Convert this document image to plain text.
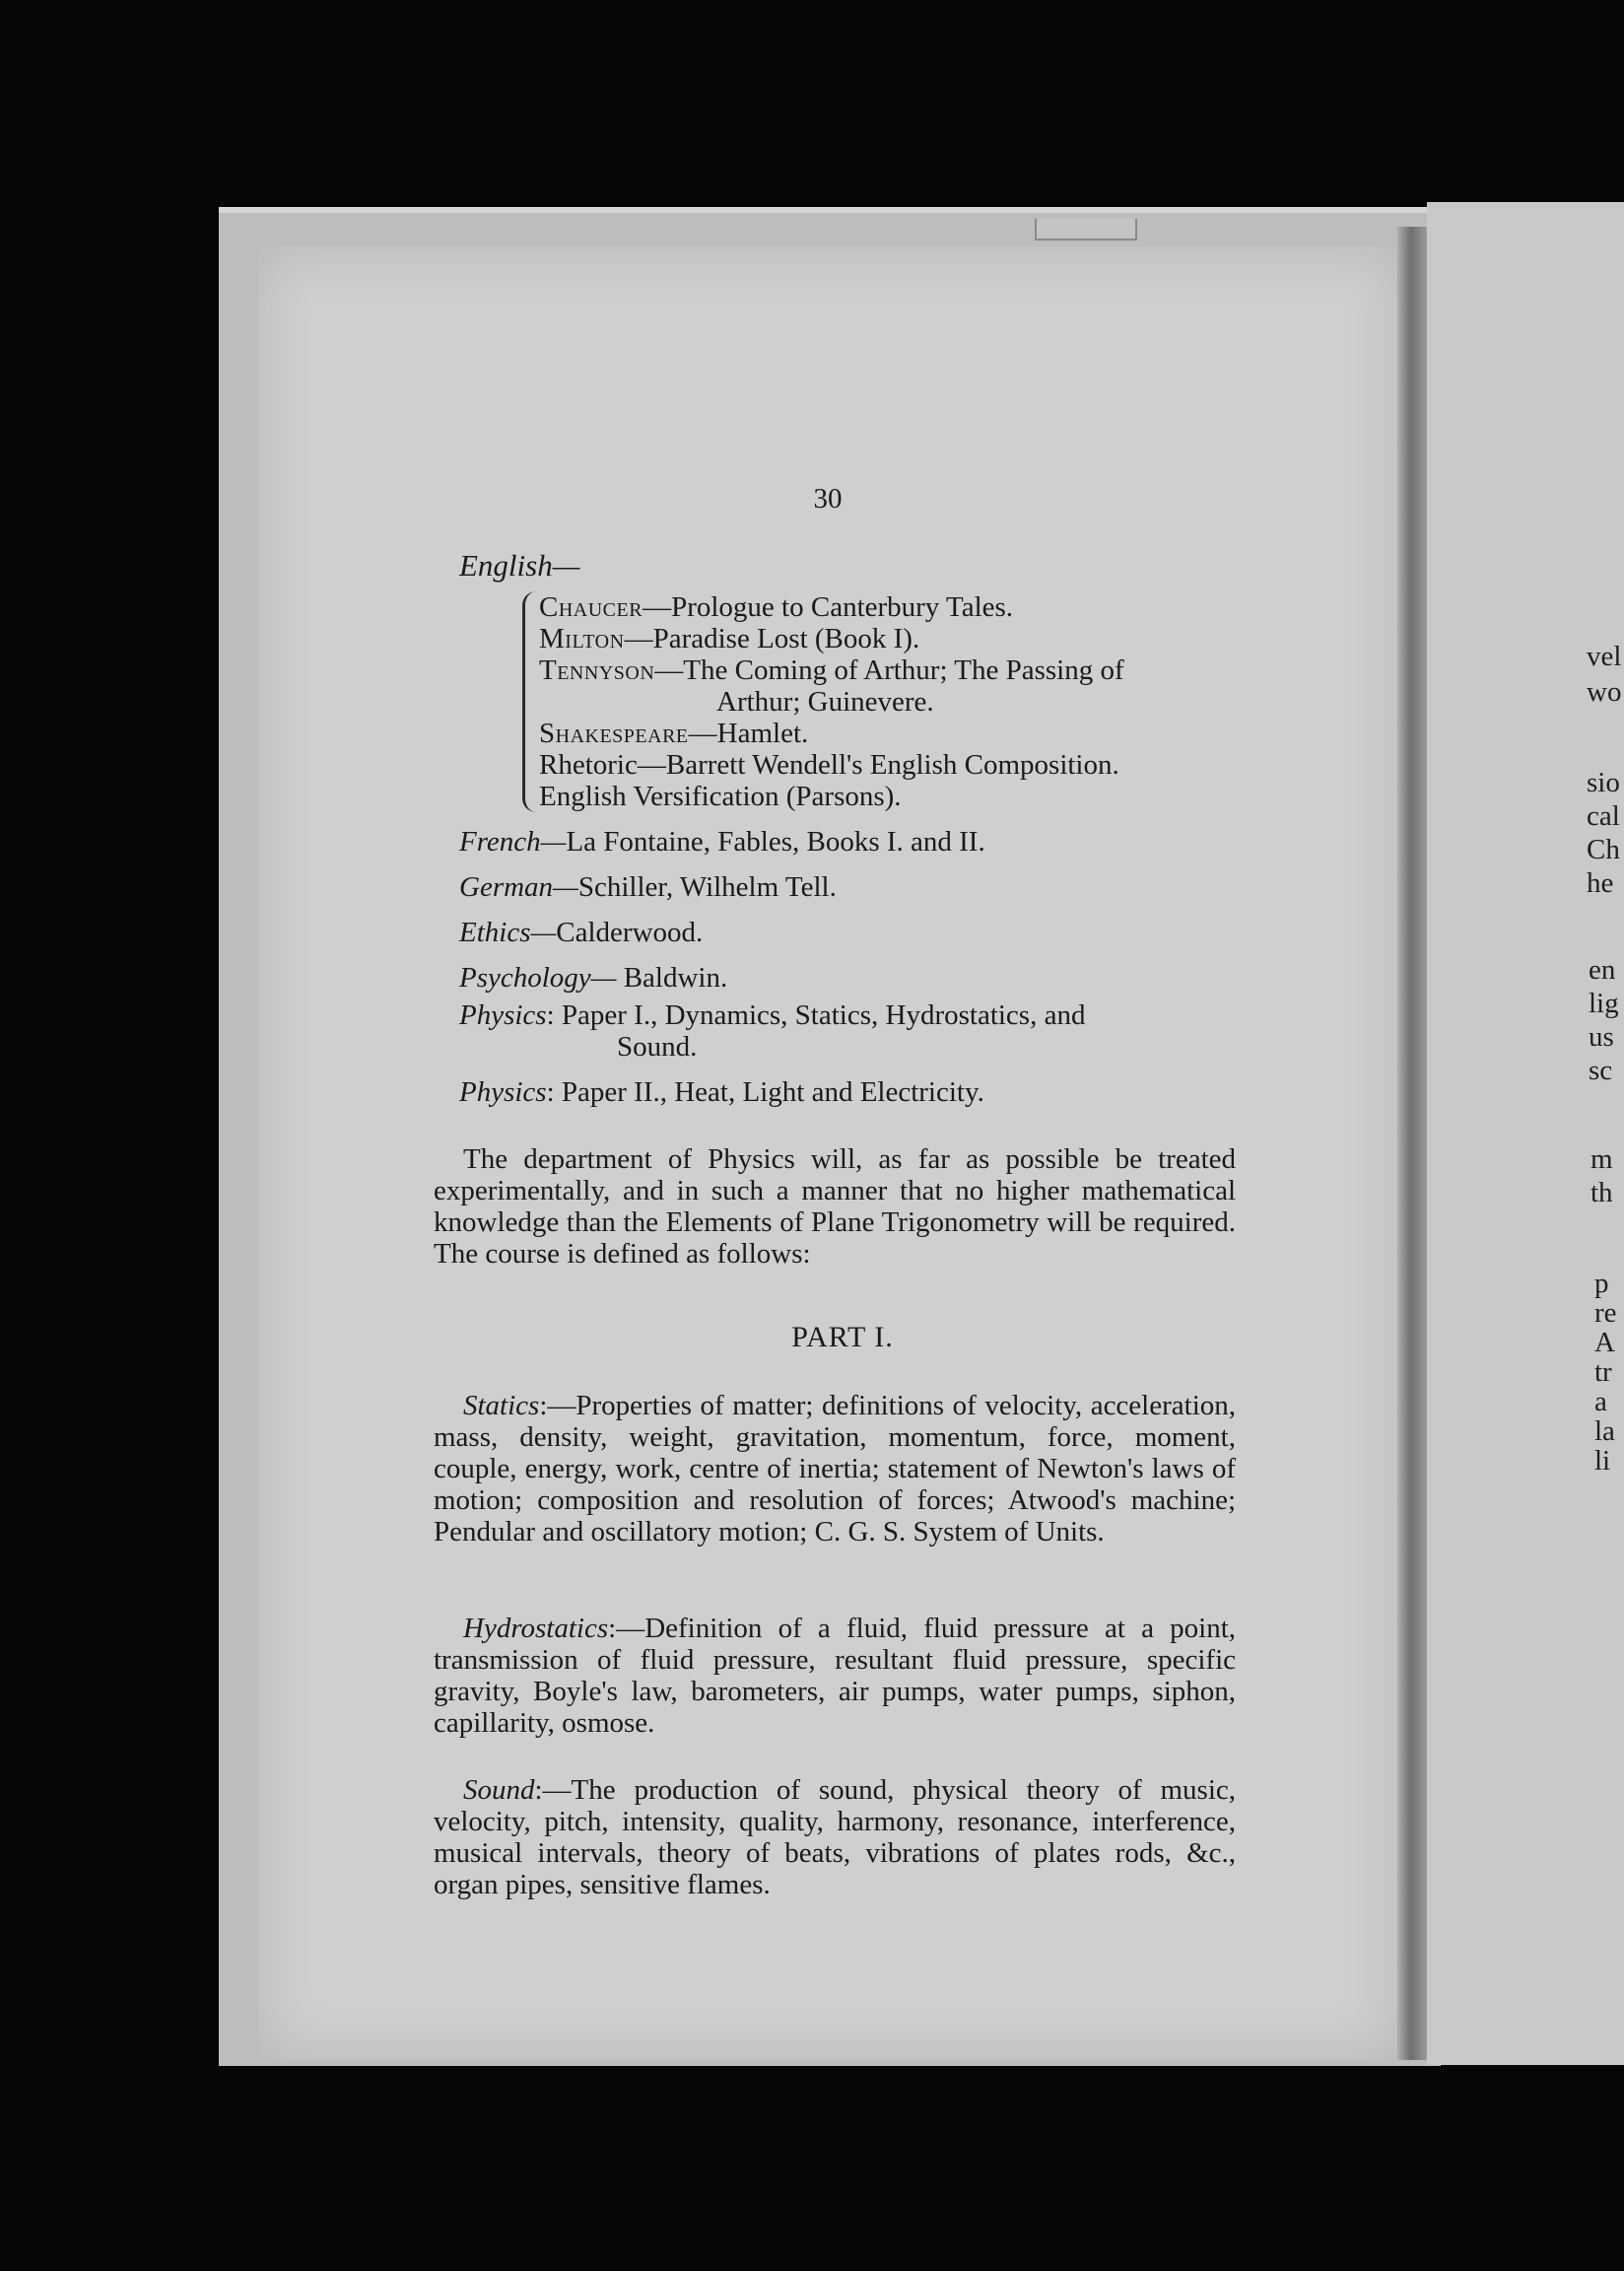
30
English—

Chaucer—Prologue to Canterbury Tales.

Milton—Paradise Lost (Book I).

Tennyson—The Coming of Arthur; The Passing of

Arthur; Guinevere.

Shakespeare—Hamlet.

Rhetoric—Barrett Wendell's English Composition.

English Versification (Parsons).

French—La Fontaine, Fables, Books I. and II.
German—Schiller, Wilhelm Tell.
Ethics—Calderwood.
Psychology— Baldwin.
Physics: Paper I., Dynamics, Statics, Hydrostatics, and
Sound.
Physics: Paper II., Heat, Light and Electricity.
The department of Physics will, as far as possible be treated experimentally, and in such a manner that no higher mathematical knowledge than the Elements of Plane Trigonometry will be required. The course is defined as follows:
PART I.
Statics:—Properties of matter; definitions of velocity, acceleration, mass, density, weight, gravitation, momentum, force, moment, couple, energy, work, centre of inertia; statement of Newton's laws of motion; composition and resolution of forces; Atwood's machine; Pendular and oscillatory motion; C. G. S. System of Units.
Hydrostatics:—Definition of a fluid, fluid pressure at a point, transmission of fluid pressure, resultant fluid pressure, specific gravity, Boyle's law, barometers, air pumps, water pumps, siphon, capillarity, osmose.
Sound:—The production of sound, physical theory of music, velocity, pitch, intensity, quality, harmony, resonance, interference, musical intervals, theory of beats, vibrations of plates rods, &c., organ pipes, sensitive flames.
vel
wo
sio
cal
Ch
he
en
lig
us
sc
m
th
p
re
A
tr
a
la
li
